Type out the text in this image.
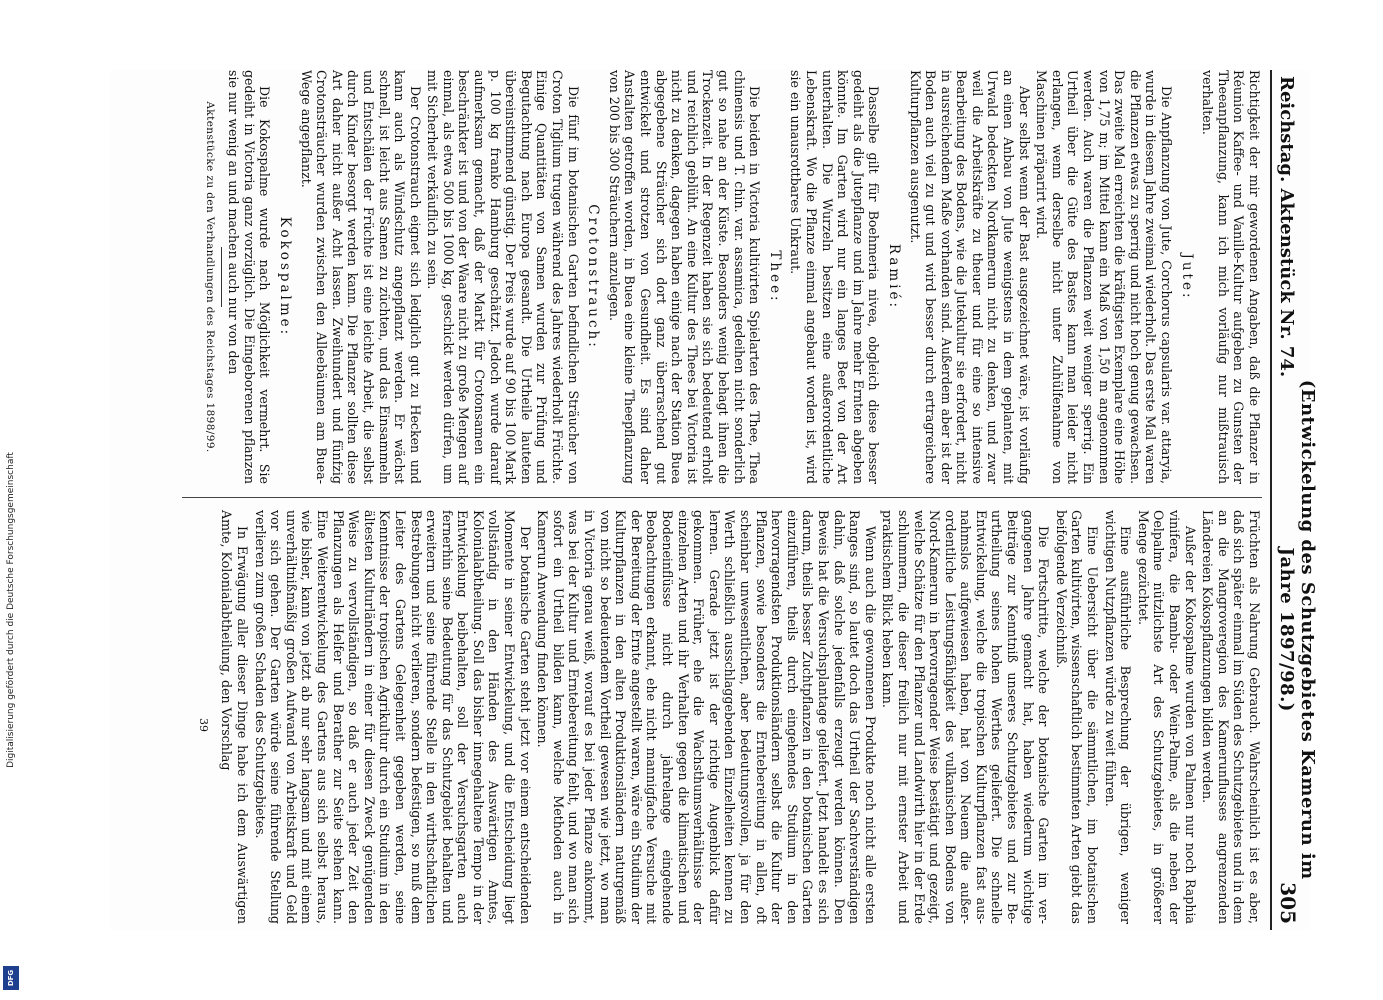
Digitalisierung gefördert durch die Deutsche Forschungsgemeinschaft
DFG
Reichstag. Aktenstück Nr. 74.
(Entwickelung des Schutzgebietes Kamerun im Jahre 1897/98.)
305

Richtigkeit der mir gewordenen Angaben, daß die Pflanzer in Réunion Kaffee- und Vanille-Kultur aufgeben zu Gunsten der Theeanpflanzung, kann ich mich vorläufig nur mißtrauisch verhalten.

Jute:

Die Anpflanzung von Jute, Corchorus capsularis var. attaryia, wurde in diesem Jahre zweimal wiederholt. Das erste Mal waren die Pflanzen etwas zu sperrig und nicht hoch genug gewachsen. Das zweite Mal erreichten die kräftigsten Exemplare eine Höhe von 1,75 m; im Mittel kann ein Maß von 1,50 m angenommen werden. Auch waren die Pflanzen weit weniger sperrig. Ein Urtheil über die Güte des Bastes kann man leider nicht erlangen, wenn derselbe nicht unter Zuhülfenahme von Maschinen präparirt wird.

Aber selbst wenn der Bast ausgezeichnet wäre, ist vorläufig an einen Anbau von Jute wenigstens in dem geplanten, mit Urwald bedeckten Nordkamerun nicht zu denken, und zwar weil die Arbeitskräfte zu theuer und für eine so intensive Bearbeitung des Bodens, wie die Jutekultur sie erfordert, nicht in ausreichendem Maße vorhanden sind. Außerdem aber ist der Boden auch viel zu gut und wird besser durch ertragreichere Kulturpflanzen ausgenutzt.

Ramié:

Dasselbe gilt für Boehmeria nivea, obgleich diese besser gedeiht als die Jutepflanze und im Jahre mehr Ernten abgeben könnte. Im Garten wird nur ein langes Beet von der Art unterhalten. Die Wurzeln besitzen eine außerordentliche Lebenskraft. Wo die Pflanze einmal angebaut worden ist, wird sie ein unausrottbares Unkraut.

Thee:

Die beiden in Victoria kultivirten Spielarten des Thee, Thea chinensis und T. chin. var. assamica, gedeihen nicht sonderlich gut so nahe an der Küste. Besonders wenig behagt ihnen die Trockenzeit. In der Regenzeit haben sie sich bedeutend erholt und reichlich geblüht. An eine Kultur des Thees bei Victoria ist nicht zu denken, dagegen haben einige nach der Station Buea abgegebene Sträucher sich dort ganz überraschend gut entwickelt und strotzen von Gesundheit. Es sind daher Anstalten getroffen worden, in Buea eine kleine Theepflanzung von 200 bis 300 Sträuchern anzulegen.

Crotonstrauch:

Die fünf im botanischen Garten befindlichen Sträucher von Croton Tiglium trugen während des Jahres wiederholt Früchte. Einige Quantitäten von Samen wurden zur Prüfung und Begutachtung nach Europa gesandt. Die Urtheile lauteten übereinstimmend günstig. Der Preis wurde auf 90 bis 100 Mark p. 100 kg franko Hamburg geschätzt. Jedoch wurde darauf aufmerksam gemacht, daß der Markt für Crotonsamen ein beschränkter ist und von der Waare nicht zu große Mengen auf einmal, als etwa 500 bis 1000 kg, geschickt werden dürfen, um mit Sicherheit verkäuflich zu sein.

Der Crotonstrauch eignet sich lediglich gut zu Hecken und kann auch als Windschutz angepflanzt werden. Er wächst schnell, ist leicht aus Samen zu züchten, und das Einsammeln und Entschälen der Früchte ist eine leichte Arbeit, die selbst durch Kinder besorgt werden kann. Die Pflanzer sollten diese Art daher nicht außer Acht lassen. Zweihundert und fünfzig Crotonsträucher wurden zwischen den Alleebäumen am Buea-Wege angepflanzt.

Kokospalme:

Die Kokospalme wurde nach Möglichkeit vermehrt. Sie gedeiht in Victoria ganz vorzüglich. Die Eingeborenen pflanzen sie nur wenig an und machen auch nur von den

Aktenstücke zu den Verhandlungen des Reichstages 1898/99.

Früchten als Nahrung Gebrauch. Wahrscheinlich ist es aber, daß sich später einmal im Süden des Schutzgebietes und in dem an die Mangroveregion des Kamerunflusses angrenzenden Ländereien Kokospflanzungen bilden werden.

Außer der Kokospalme wurden von Palmen nur noch Raphia vinifera, die Bambu- oder Wein-Palme, als die neben der Oelpalme nützlichste Art des Schutzgebietes, in größerer Menge gezüchtet.

Eine ausführliche Besprechung der übrigen, weniger wichtigen Nutzpflanzen würde zu weit führen.

Eine Uebersicht über die sämmtlichen, im botanischen Garten kultivirten, wissenschaftlich bestimmten Arten giebt das beifolgende Verzeichniß.

Die Fortschritte, welche der botanische Garten im vergangenen Jahre gemacht hat, haben wiederum wichtige Beiträge zur Kenntniß unseres Schutzgebietes und zur Beurtheilung seines hohen Werthes geliefert. Die schnelle Entwickelung, welche die tropischen Kulturpflanzen fast ausnahmslos aufgewiesen haben, hat von Neuem die außerordentliche Leistungsfähigkeit des vulkanischen Bodens von Nord-Kamerun in hervorragender Weise bestätigt und gezeigt, welche Schätze für den Pflanzer und Landwirth hier in der Erde schlummern, die dieser freilich nur mit ernster Arbeit und praktischem Blick heben kann.

Wenn auch die gewonnenen Produkte noch nicht alle ersten Ranges sind, so lautet doch das Urtheil der Sachverständigen dahin, daß solche jedenfalls erzeugt werden können. Den Beweis hat die Versuchsplantage geliefert. Jetzt handelt es sich darum, theils besser Zuchtpflanzen in den botanischen Garten einzuführen, theils durch eingehendes Studium in den hervorragendsten Produktionsländern selbst die Kultur der Pflanzen, sowie besonders die Erntebereitung in allen, oft scheinbar unwesentlichen, aber bedeutungsvollen, ja für den Werth schließlich ausschlaggebenden Einzelheiten kennen zu lernen. Gerade jetzt ist der richtige Augenblick dafür gekommen. Früher, ehe die Wachsthumsverhältnisse der einzelnen Arten und ihr Verhalten gegen die klimatischen und Bodeneinflüsse nicht durch jahrelange eingehende Beobachtungen erkannt, ehe nicht mannigfache Versuche mit der Bereitung der Ernte angestellt waren, wäre ein Studium der Kulturpflanzen in den alten Produktionsländern naturgemäß von nicht so bedeutendem Vortheil gewesen wie jetzt, wo man in Victoria genau weiß, worauf es bei jeder Pflanze ankommt, was bei der Kultur und Erntebereitung fehlt, und wo man sich sofort ein Urtheil bilden kann, welche Methoden auch in Kamerun Anwendung finden können.

Der botanische Garten steht jetzt vor einem entscheidenden Momente in seiner Entwickelung, und die Entscheidung liegt vollständig in den Händen des Auswärtigen Amtes, Kolonialabtheilung. Soll das bisher innegehaltene Tempo in der Entwickelung beibehalten, soll der Versuchsgarten auch fernerhin seine Bedeutung für das Schutzgebiet behalten und erweitern und seine führende Stelle in den wirthschaftlichen Bestrebungen nicht verlieren, sondern befestigen, so muß dem Leiter des Gartens Gelegenheit gegeben werden, seine Kenntnisse der tropischen Agrikultur durch ein Studium in den ältesten Kulturländern in einer für diesen Zweck genügenden Weise zu vervollständigen, so daß er auch jeder Zeit den Pflanzungen als Helfer und Berather zur Seite stehen kann. Eine Weiterentwickelung des Gartens aus sich selbst heraus, wie bisher, kann von jetzt ab nur sehr langsam und mit einem unverhältnißmäßig großen Aufwand von Arbeitskraft und Geld vor sich gehen. Der Garten würde seine führende Stellung verlieren zum großen Schaden des Schutzgebietes.

In Erwägung aller dieser Dinge habe ich dem Auswärtigen Amte, Kolonialabtheilung, den Vorschlag

39
